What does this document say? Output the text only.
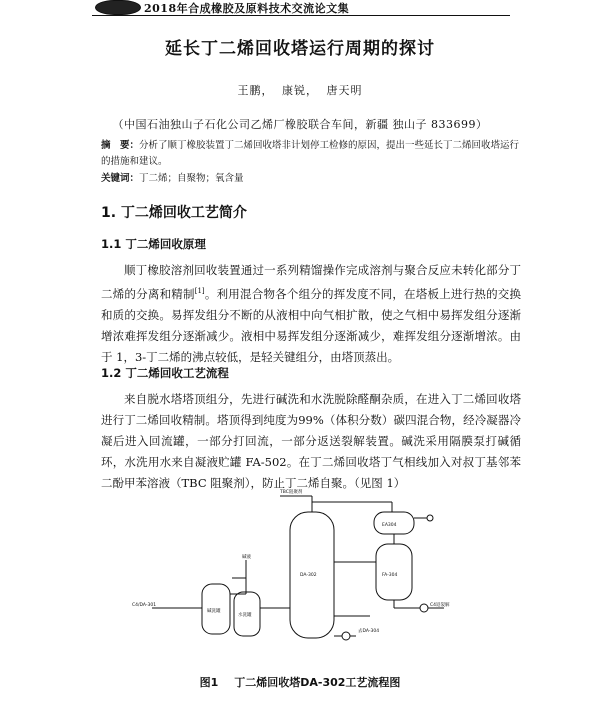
2018年合成橡胶及原料技术交流论文集
延长丁二烯回收塔运行周期的探讨
王鹏， 康锐， 唐天明
（中国石油独山子石化公司乙烯厂橡胶联合车间，新疆 独山子 833699）
摘　要：分析了顺丁橡胶装置丁二烯回收塔非计划停工检修的原因，提出一些延长丁二烯回收塔运行的措施和建议。
关键词：丁二烯；自聚物；氧含量
1. 丁二烯回收工艺简介
1.1 丁二烯回收原理
顺丁橡胶溶剂回收装置通过一系列精馏操作完成溶剂与聚合反应未转化部分丁二烯的分离和精制[1]。利用混合物各个组分的挥发度不同，在塔板上进行热的交换和质的交换。易挥发组分不断的从液相中向气相扩散，使之气相中易挥发组分逐渐增浓难挥发组分逐渐减少。液相中易挥发组分逐渐减少，难挥发组分逐渐增浓。由于 1，3-丁二烯的沸点较低，是轻关键组分，由塔顶蒸出。
1.2 丁二烯回收工艺流程
来自脱水塔塔顶组分，先进行碱洗和水洗脱除醛酮杂质，在进入丁二烯回收塔进行丁二烯回收精制。塔顶得到纯度为99%（体积分数）碳四混合物，经冷凝器冷凝后进入回流罐，一部分打回流，一部分返送裂解装置。碱洗采用隔膜泵打碱循环，水洗用水来自凝液贮罐 FA-502。在丁二烯回收塔丁气相线加入对叔丁基邻苯二酚甲苯溶液（TBC 阻聚剂），防止丁二烯自聚。（见图 1）
TBC阻聚剂
DA-302
EA304
FA-304
碱洗罐
水洗罐
C4/DA-301
碱液
C4返裂解
去DA-304
图1 丁二烯回收塔DA-302工艺流程图
